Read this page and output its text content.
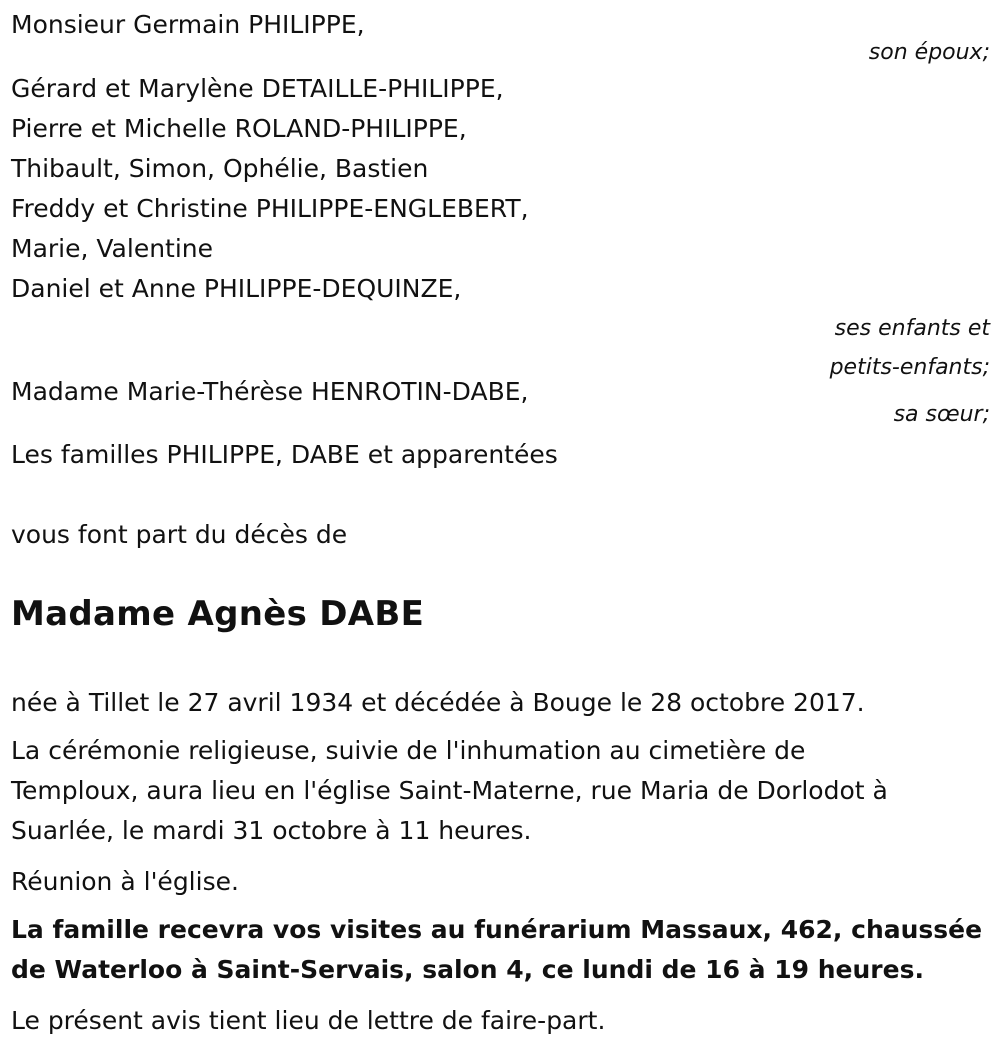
Monsieur Germain PHILIPPE,

son époux;

Gérard et Marylène DETAILLE-PHILIPPE,

Pierre et Michelle ROLAND-PHILIPPE,

Thibault, Simon, Ophélie, Bastien

Freddy et Christine PHILIPPE-ENGLEBERT,

Marie, Valentine

Daniel et Anne PHILIPPE-DEQUINZE,

ses enfants et

petits-enfants;

Madame Marie-Thérèse HENROTIN-DABE,

sa sœur;

Les familles PHILIPPE, DABE et apparentées

vous font part du décès de

Madame Agnès DABE

née à Tillet le 27 avril 1934 et décédée à Bouge le 28 octobre 2017.

La cérémonie religieuse, suivie de l'inhumation au cimetière de

Temploux, aura lieu en l'église Saint-Materne, rue Maria de Dorlodot à

Suarlée, le mardi 31 octobre à 11 heures.

Réunion à l'église.

La famille recevra vos visites au funérarium Massaux, 462, chaussée

de Waterloo à Saint-Servais, salon 4, ce lundi de 16 à 19 heures.

Le présent avis tient lieu de lettre de faire-part.
